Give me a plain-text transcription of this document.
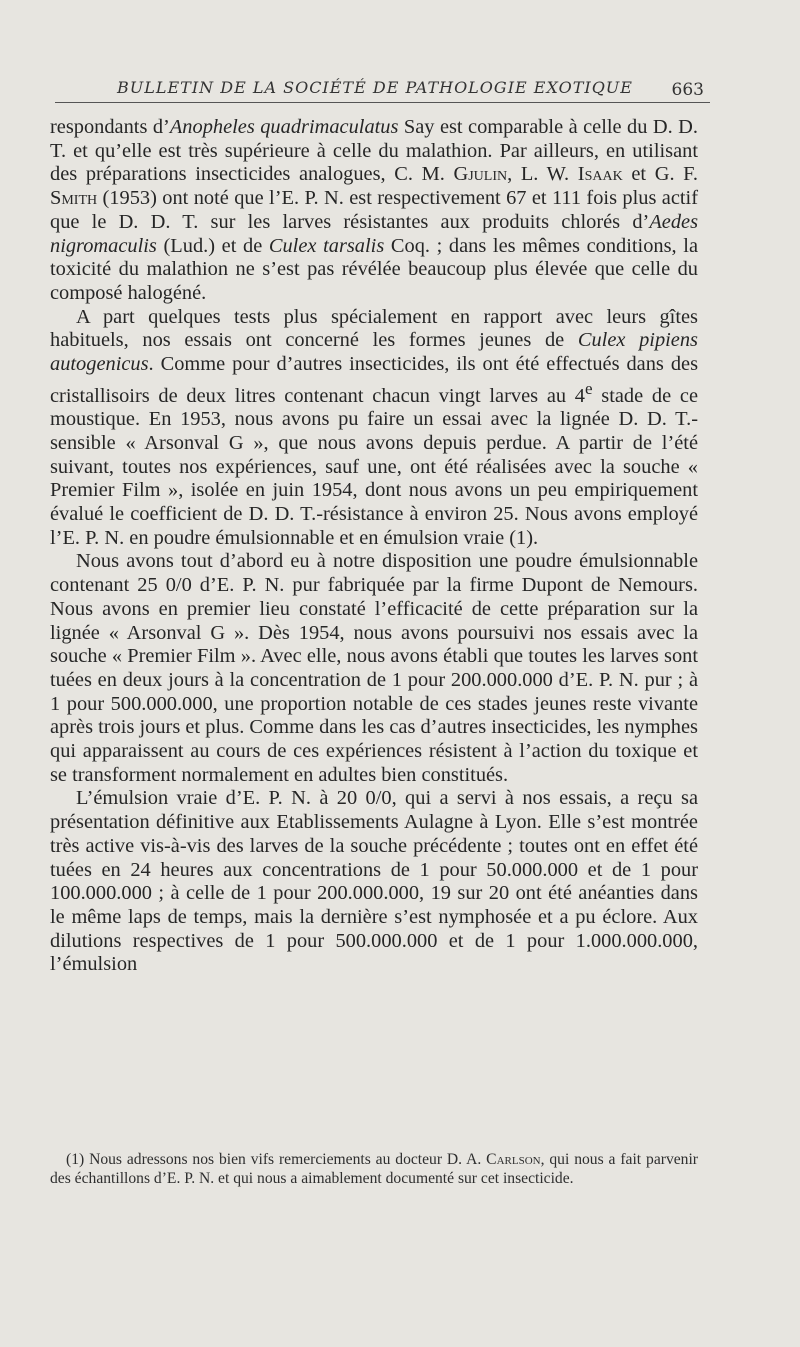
BULLETIN DE LA SOCIÉTÉ DE PATHOLOGIE EXOTIQUE 663

respondants d’Anopheles quadrimaculatus Say est comparable à celle du D. D. T. et qu’elle est très supérieure à celle du malathion. Par ailleurs, en utilisant des préparations insecticides analogues, C. M. Gjulin, L. W. Isaak et G. F. Smith (1953) ont noté que l’E. P. N. est respectivement 67 et 111 fois plus actif que le D. D. T. sur les larves résistantes aux produits chlorés d’Aedes nigromaculis (Lud.) et de Culex tarsalis Coq. ; dans les mêmes conditions, la toxicité du malathion ne s’est pas révélée beaucoup plus élevée que celle du composé halogéné.

A part quelques tests plus spécialement en rapport avec leurs gîtes habituels, nos essais ont concerné les formes jeunes de Culex pipiens autogenicus. Comme pour d’autres insecticides, ils ont été effectués dans des cristallisoirs de deux litres contenant chacun vingt larves au 4e stade de ce moustique. En 1953, nous avons pu faire un essai avec la lignée D. D. T.-sensible « Arsonval G », que nous avons depuis perdue. A partir de l’été suivant, toutes nos expériences, sauf une, ont été réalisées avec la souche « Premier Film », isolée en juin 1954, dont nous avons un peu empiriquement évalué le coefficient de D. D. T.-résistance à environ 25. Nous avons employé l’E. P. N. en poudre émulsionnable et en émulsion vraie (1).

Nous avons tout d’abord eu à notre disposition une poudre émulsionnable contenant 25 0/0 d’E. P. N. pur fabriquée par la firme Dupont de Nemours. Nous avons en premier lieu constaté l’efficacité de cette préparation sur la lignée « Arsonval G ». Dès 1954, nous avons poursuivi nos essais avec la souche « Premier Film ». Avec elle, nous avons établi que toutes les larves sont tuées en deux jours à la concentration de 1 pour 200.000.000 d’E. P. N. pur ; à 1 pour 500.000.000, une proportion notable de ces stades jeunes reste vivante après trois jours et plus. Comme dans les cas d’autres insecticides, les nymphes qui apparaissent au cours de ces expériences résistent à l’action du toxique et se transforment normalement en adultes bien constitués.

L’émulsion vraie d’E. P. N. à 20 0/0, qui a servi à nos essais, a reçu sa présentation définitive aux Etablissements Aulagne à Lyon. Elle s’est montrée très active vis-à-vis des larves de la souche précédente ; toutes ont en effet été tuées en 24 heures aux concentrations de 1 pour 50.000.000 et de 1 pour 100.000.000 ; à celle de 1 pour 200.000.000, 19 sur 20 ont été anéanties dans le même laps de temps, mais la dernière s’est nymphosée et a pu éclore. Aux dilutions respectives de 1 pour 500.000.000 et de 1 pour 1.000.000.000, l’émulsion

(1) Nous adressons nos bien vifs remerciements au docteur D. A. Carlson, qui nous a fait parvenir des échantillons d’E. P. N. et qui nous a aimablement documenté sur cet insecticide.
